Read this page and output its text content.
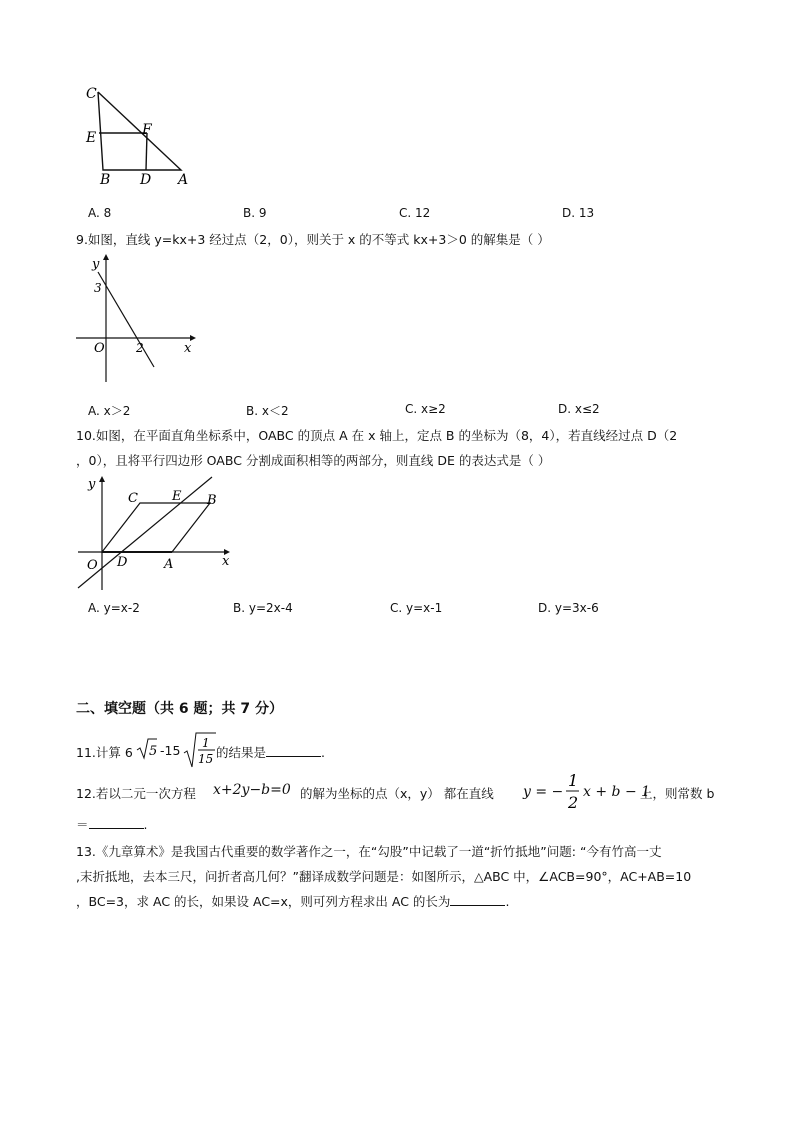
C
E	F
B D A
A. 8	B. 9	C. 12	D. 13
9.如图，直线 y=kx+3 经过点（2，0），则关于 x 的不等式 kx+3＞0 的解集是（ ）
y
x
O
3
2
A. x＞2	B. x＜2	C. x≥2	D. x≤2
10.如图，在平面直角坐标系中，OABC 的顶点 A 在 x 轴上，定点 B 的坐标为（8，4），若直线经过点 D（2
，0），且将平行四边形 OABC 分割成面积相等的两部分，则直线 DE 的表达式是（ ）
y
x
O D	A
C	E B
A. y=x-2	B. y=2x-4	C. y=x-1	D. y=3x-6
二、填空题（共 6 题；共 7 分）
11.计算 6 5 -15 1
15 的结果是	.
12.若以二元一次方程 x+2y−b=0 的解为坐标的点（x，y） 都在直线 y = −
1
2
x + b − 1
上，则常数 b
＝	.
13.《九章算术》是我国古代重要的数学著作之一，在“勾股”中记载了一道“折竹抵地”问题: “今有竹高一丈
,末折抵地，去本三尺，问折者高几何？”翻译成数学问题是：如图所示，△ABC 中，∠ACB=90°，AC+AB=10
，BC=3，求 AC 的长，如果设 AC=x，则可列方程求出 AC 的长为	.
